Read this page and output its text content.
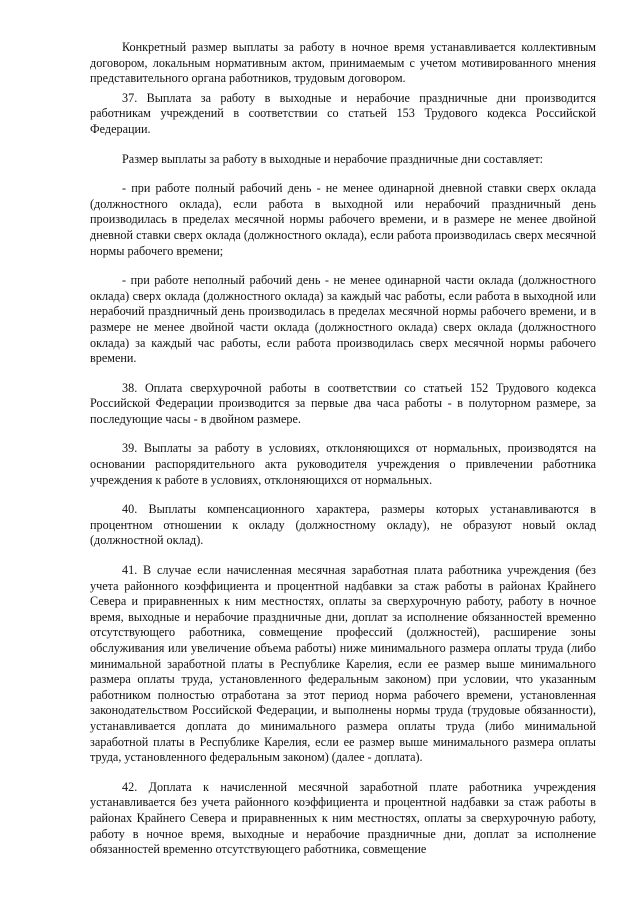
Конкретный размер выплаты за работу в ночное время устанавливается коллективным договором, локальным нормативным актом, принимаемым с учетом мотивированного мнения представительного органа работников, трудовым договором.

37. Выплата за работу в выходные и нерабочие праздничные дни производится работникам учреждений в соответствии со статьей 153 Трудового кодекса Российской Федерации.

Размер выплаты за работу в выходные и нерабочие праздничные дни составляет:

- при работе полный рабочий день - не менее одинарной дневной ставки сверх оклада (должностного оклада), если работа в выходной или нерабочий праздничный день производилась в пределах месячной нормы рабочего времени, и в размере не менее двойной дневной ставки сверх оклада (должностного оклада), если работа производилась сверх месячной нормы рабочего времени;

- при работе неполный рабочий день - не менее одинарной части оклада (должностного оклада) сверх оклада (должностного оклада) за каждый час работы, если работа в выходной или нерабочий праздничный день производилась в пределах месячной нормы рабочего времени, и в размере не менее двойной части оклада (должностного оклада) сверх оклада (должностного оклада) за каждый час работы, если работа производилась сверх месячной нормы рабочего времени.

38. Оплата сверхурочной работы в соответствии со статьей 152 Трудового кодекса Российской Федерации производится за первые два часа работы - в полуторном размере, за последующие часы - в двойном размере.

39. Выплаты за работу в условиях, отклоняющихся от нормальных, производятся на основании распорядительного акта руководителя учреждения о привлечении работника учреждения к работе в условиях, отклоняющихся от нормальных.

40. Выплаты компенсационного характера, размеры которых устанавливаются в процентном отношении к окладу (должностному окладу), не образуют новый оклад (должностной оклад).

41. В случае если начисленная месячная заработная плата работника учреждения (без учета районного коэффициента и процентной надбавки за стаж работы в районах Крайнего Севера и приравненных к ним местностях, оплаты за сверхурочную работу, работу в ночное время, выходные и нерабочие праздничные дни, доплат за исполнение обязанностей временно отсутствующего работника, совмещение профессий (должностей), расширение зоны обслуживания или увеличение объема работы) ниже минимального размера оплаты труда (либо минимальной заработной платы в Республике Карелия, если ее размер выше минимального размера оплаты труда, установленного федеральным законом) при условии, что указанным работником полностью отработана за этот период норма рабочего времени, установленная законодательством Российской Федерации, и выполнены нормы труда (трудовые обязанности), устанавливается доплата до минимального размера оплаты труда (либо минимальной заработной платы в Республике Карелия, если ее размер выше минимального размера оплаты труда, установленного федеральным законом) (далее - доплата).

42. Доплата к начисленной месячной заработной плате работника учреждения устанавливается без учета районного коэффициента и процентной надбавки за стаж работы в районах Крайнего Севера и приравненных к ним местностях, оплаты за сверхурочную работу, работу в ночное время, выходные и нерабочие праздничные дни, доплат за исполнение обязанностей временно отсутствующего работника, совмещение
